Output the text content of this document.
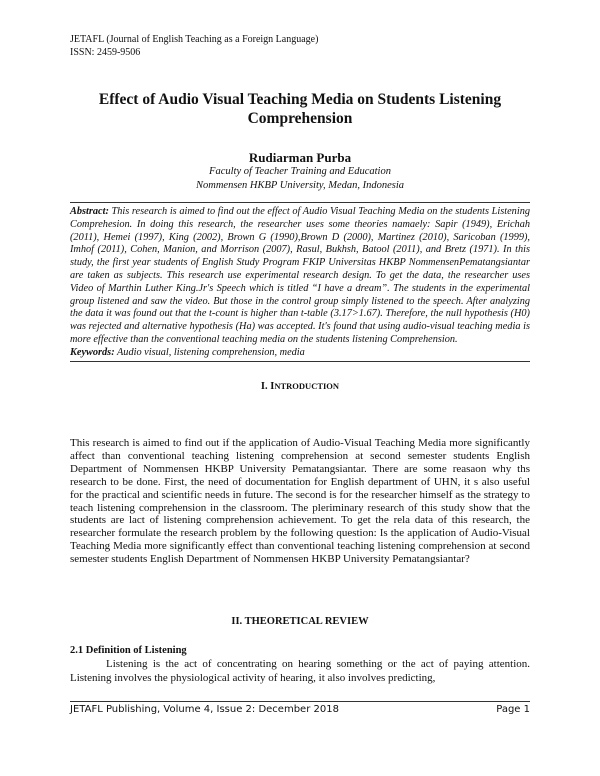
JETAFL (Journal of English Teaching as a Foreign Language)
ISSN: 2459-9506
Effect of Audio Visual Teaching Media on Students Listening
Comprehension
Rudiarman Purba
Faculty of Teacher Training and Education
Nommensen HKBP University, Medan, Indonesia
Abstract: This research is aimed to find out the effect of Audio Visual Teaching Media on the students Listening Comprehesion. In doing this research, the researcher uses some theories namaely: Sapir (1949), Erichah (2011), Hemei (1997), King (2002), Brown G (1990),Brown D (2000), Martinez (2010), Saricoban (1999), Imhof (2011), Cohen, Manion, and Morrison (2007), Rasul, Bukhsh, Batool (2011), and Bretz (1971). In this study, the first year students of English Study Program FKIP Universitas HKBP NommensenPematangsiantar are taken as subjects. This research use experimental research design. To get the data, the researcher uses Video of Marthin Luther King.Jr's Speech which is titled “I have a dream”. The students in the experimental group listened and saw the video. But those in the control group simply listened to the speech. After analyzing the data it was found out that the t-count is higher than t-table (3.17>1.67). Therefore, the null hypothesis (H0) was rejected and alternative hypothesis (Ha) was accepted. It's found that using audio-visual teaching media is more effective than the conventional teaching media on the students listening Comprehension.
Keywords: Audio visual, listening comprehension, media
I. INTRODUCTION
This research is aimed to find out if the application of Audio-Visual Teaching Media more significantly affect than conventional teaching listening comprehension at second semester students English Department of Nommensen HKBP University Pematangsiantar. There are some reasaon why ths research to be done. First, the need of documentation for English department of UHN, it s also useful for the practical and scientific needs in future. The second is for the researcher himself as the strategy to teach listening comprehension in the classroom. The pleriminary research of this study show that the students are lact of listening comprehension achievement. To get the rela data of this research, the researcher formulate the research problem by the following question: Is the application of Audio-Visual Teaching Media more significantly effect than conventional teaching listening comprehension at second semester students English Department of Nommensen HKBP University Pematangsiantar?
II. THEORETICAL REVIEW
2.1 Definition of Listening
Listening is the act of concentrating on hearing something or the act of paying attention. Listening involves the physiological activity of hearing, it also involves predicting,
JETAFL Publishing, Volume 4, Issue 2: December 2018	Page 1
